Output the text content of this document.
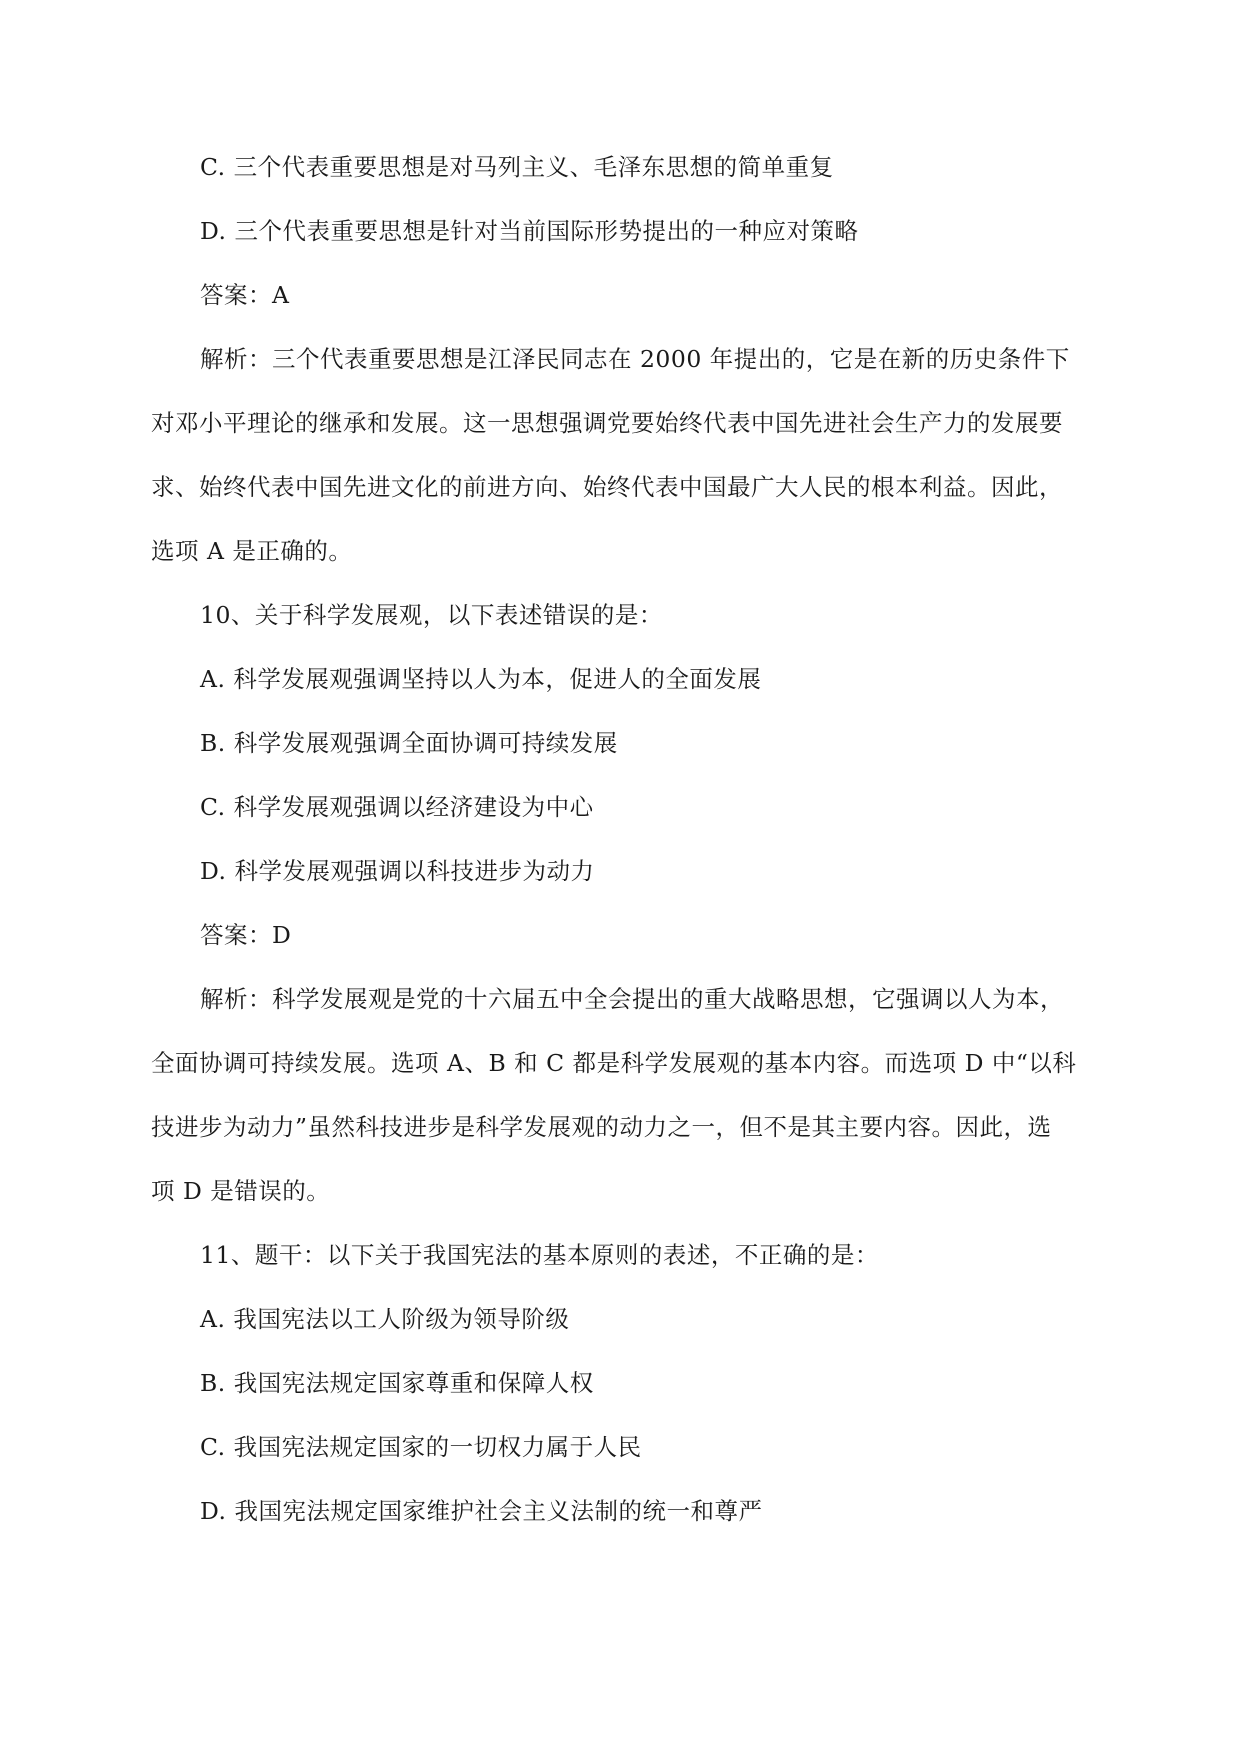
C. 三个代表重要思想是对马列主义、毛泽东思想的简单重复
D. 三个代表重要思想是针对当前国际形势提出的一种应对策略
答案：A
解析：三个代表重要思想是江泽民同志在 2000 年提出的，它是在新的历史条件下
对邓小平理论的继承和发展。这一思想强调党要始终代表中国先进社会生产力的发展要
求、始终代表中国先进文化的前进方向、始终代表中国最广大人民的根本利益。因此，
选项 A 是正确的。
10、关于科学发展观，以下表述错误的是：
A. 科学发展观强调坚持以人为本，促进人的全面发展
B. 科学发展观强调全面协调可持续发展
C. 科学发展观强调以经济建设为中心
D. 科学发展观强调以科技进步为动力
答案：D
解析：科学发展观是党的十六届五中全会提出的重大战略思想，它强调以人为本，
全面协调可持续发展。选项 A、B 和 C 都是科学发展观的基本内容。而选项 D 中“以科
技进步为动力”虽然科技进步是科学发展观的动力之一，但不是其主要内容。因此，选
项 D 是错误的。
11、题干：以下关于我国宪法的基本原则的表述，不正确的是：
A. 我国宪法以工人阶级为领导阶级
B. 我国宪法规定国家尊重和保障人权
C. 我国宪法规定国家的一切权力属于人民
D. 我国宪法规定国家维护社会主义法制的统一和尊严
